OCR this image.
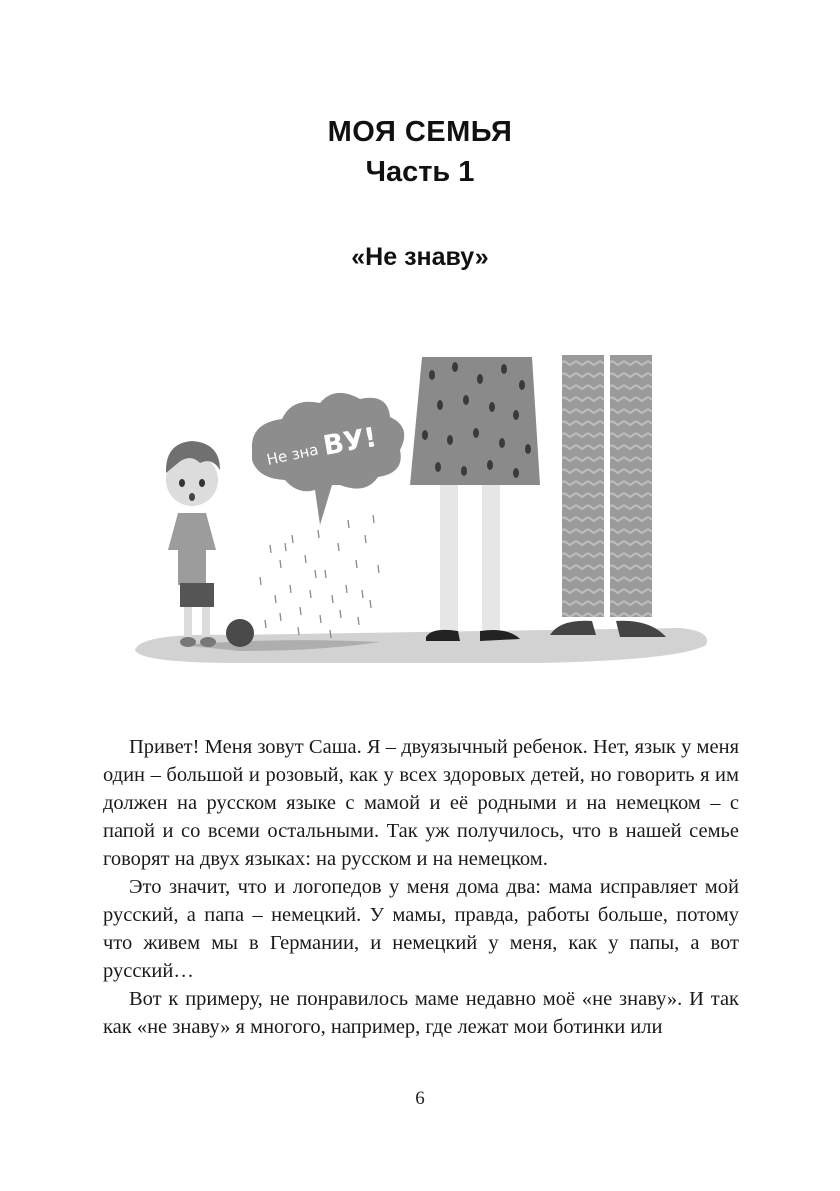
МОЯ СЕМЬЯ
Часть 1
«Не знаву»
Не зна ВУ!

Привет! Меня зовут Саша. Я – двуязычный ребенок. Нет, язык у меня один – большой и розовый, как у всех здоровых детей, но говорить я им должен на русском языке с мамой и её родными и на немецком – с папой и со всеми остальными. Так уж получилось, что в нашей семье говорят на двух языках: на русском и на немецком.

Это значит, что и логопедов у меня дома два: мама исправляет мой русский, а папа – немецкий. У мамы, правда, работы больше, потому что живем мы в Германии, и немецкий у меня, как у папы, а вот русский…

Вот к примеру, не понравилось маме недавно моё «не знаву». И так как «не знаву» я многого, например, где лежат мои ботинки или

6
